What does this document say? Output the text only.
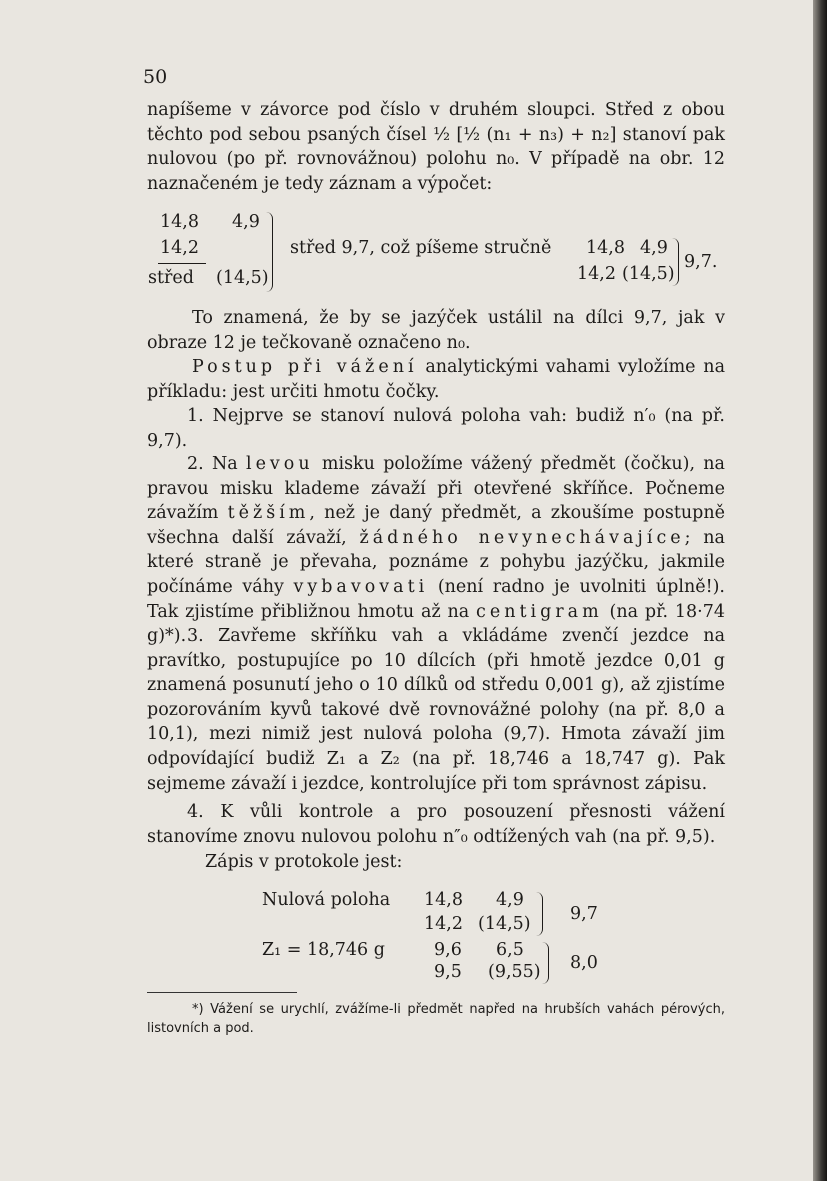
50

napíšeme v závorce pod číslo v druhém sloupci. Střed z obou těchto pod sebou psaných čísel ½ [½ (n₁ + n₃) + n₂] stanoví pak nulovou (po př. rovnovážnou) polohu n₀. V případě na obr. 12 naznačeném je tedy záznam a výpočet:

14,8 4,9
14,2
střed (14,5)
střed 9,7, což píšeme stručně 14,8 4,9
14,2 (14,5)
9,7.

To znamená, že by se jazýček ustálil na dílci 9,7, jak v obraze 12 je tečkovaně označeno n₀.

Postup při vážení analytickými vahami vyložíme na příkladu: jest určiti hmotu čočky.

1. Nejprve se stanoví nulová poloha vah: budiž n′₀ (na př. 9,7).

2. Na levou misku položíme vážený předmět (čočku), na pravou misku klademe závaží při otevřené skříňce. Počneme závažím těžším, než je daný předmět, a zkoušíme postupně všechna další závaží, žádného nevynechávajíce; na které straně je převaha, poznáme z pohybu jazýčku, jakmile počínáme váhy vybavovati (není radno je uvolniti úplně!). Tak zjistíme přibližnou hmotu až na centigram (na př. 18·74 g)*). 3. Zavřeme skříňku vah a vkládáme zvenčí jezdce na pravítko, postupujíce po 10 dílcích (při hmotě jezdce 0,01 g znamená posunutí jeho o 10 dílků od středu 0,001 g), až zjistíme pozorováním kyvů takové dvě rovnovážné polohy (na př. 8,0 a 10,1), mezi nimiž jest nulová poloha (9,7). Hmota závaží jim odpovídající budiž Z₁ a Z₂ (na př. 18,746 a 18,747 g). Pak sejmeme závaží i jezdce, kontrolujíce při tom správnost zápisu.

4. K vůli kontrole a pro posouzení přesnosti vážení stanovíme znovu nulovou polohu n″₀ odtížených vah (na př. 9,5).

Zápis v protokole jest:

Nulová poloha 14,8 4,9
14,2 (14,5) 9,7
Z₁ = 18,746 g	9,6 6,5
9,5 (9,55) 8,0

*) Vážení se urychlí, zvážíme-li předmět napřed na hrubších vahách pérových, listovních a pod.
